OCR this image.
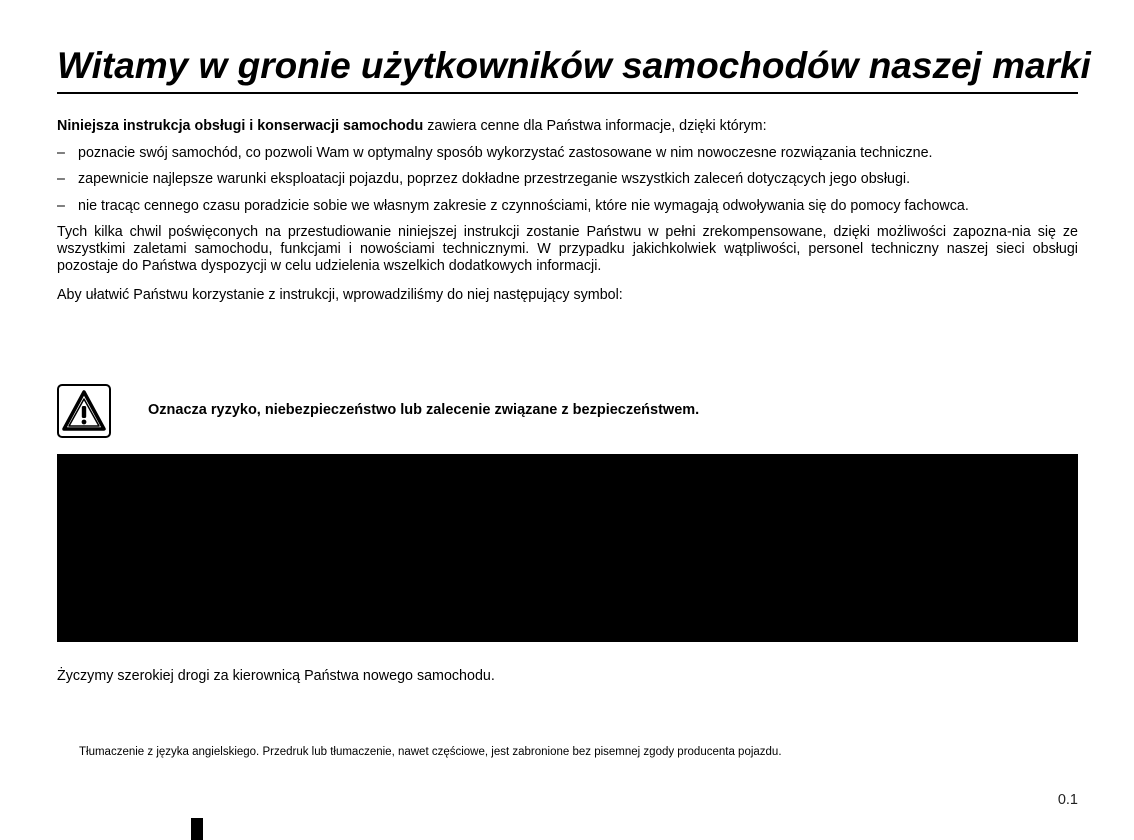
Witamy w gronie użytkowników samochodów naszej marki

Niniejsza instrukcja obsługi i konserwacji samochodu zawiera cenne dla Państwa informacje, dzięki którym:

– poznacie swój samochód, co pozwoli Wam w optymalny sposób wykorzystać zastosowane w nim nowoczesne rozwiązania techniczne.
– zapewnicie najlepsze warunki eksploatacji pojazdu, poprzez dokładne przestrzeganie wszystkich zaleceń dotyczących jego obsługi.
– nie tracąc cennego czasu poradzicie sobie we własnym zakresie z czynnościami, które nie wymagają odwoływania się do pomocy fachowca.

Tych kilka chwil poświęconych na przestudiowanie niniejszej instrukcji zostanie Państwu w pełni zrekompensowane, dzięki możliwości zapozna-nia się ze wszystkimi zaletami samochodu, funkcjami i nowościami technicznymi. W przypadku jakichkolwiek wątpliwości, personel techniczny naszej sieci obsługi pozostaje do Państwa dyspozycji w celu udzielenia wszelkich dodatkowych informacji.

Aby ułatwić Państwu korzystanie z instrukcji, wprowadziliśmy do niej następujący symbol:

Oznacza ryzyko, niebezpieczeństwo lub zalecenie związane z bezpieczeństwem.

Życzymy szerokiej drogi za kierownicą Państwa nowego samochodu.

Tłumaczenie z języka angielskiego. Przedruk lub tłumaczenie, nawet częściowe, jest zabronione bez pisemnej zgody producenta pojazdu.
0.1
